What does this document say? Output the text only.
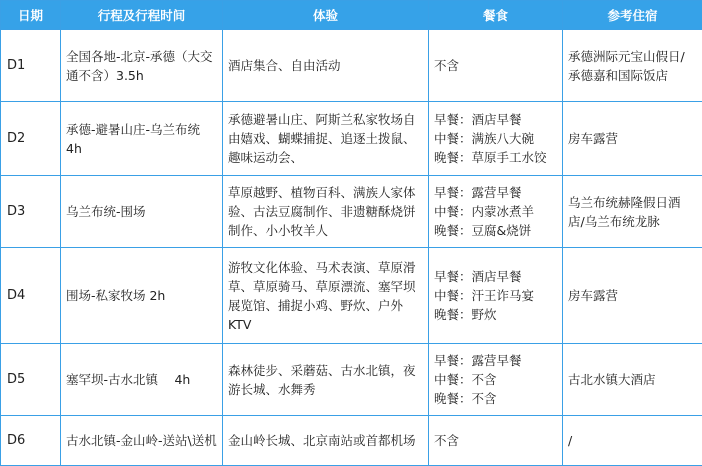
日期	行程及行程时间	体验	餐食	参考住宿
D1	全国各地-北京-承德（大交通不含）3.5h	酒店集合、自由活动	不含	承德洲际元宝山假日/承德嘉和国际饭店
D2	承德-避暑山庄-乌兰布统　　4h	承德避暑山庄、阿斯兰私家牧场自由嬉戏、蝴蝶捕捉、追逐土拨鼠、趣味运动会、	早餐：酒店早餐
中餐：满族八大碗
晚餐：草原手工水饺	房车露营
D3	乌兰布统-围场	草原越野、植物百科、满族人家体验、古法豆腐制作、非遗糖酥烧饼制作、小小牧羊人	早餐：露营早餐
中餐：内蒙冰煮羊
晚餐：豆腐&烧饼	乌兰布统赫隆假日酒店/乌兰布统龙脉
D4	围场-私家牧场 2h	游牧文化体验、马术表演、草原滑草、草原骑马、草原漂流、塞罕坝展览馆、捕捉小鸡、野炊、户外 KTV	早餐：酒店早餐
中餐：汗王诈马宴
晚餐：野炊	房车露营
D5	塞罕坝-古水北镇　 4h	森林徒步、采蘑菇、古水北镇，夜游长城、水舞秀	早餐：露营早餐
中餐：不含
晚餐：不含	古北水镇大酒店
D6	古水北镇-金山岭-送站\送机	金山岭长城、北京南站或首都机场	不含	/
